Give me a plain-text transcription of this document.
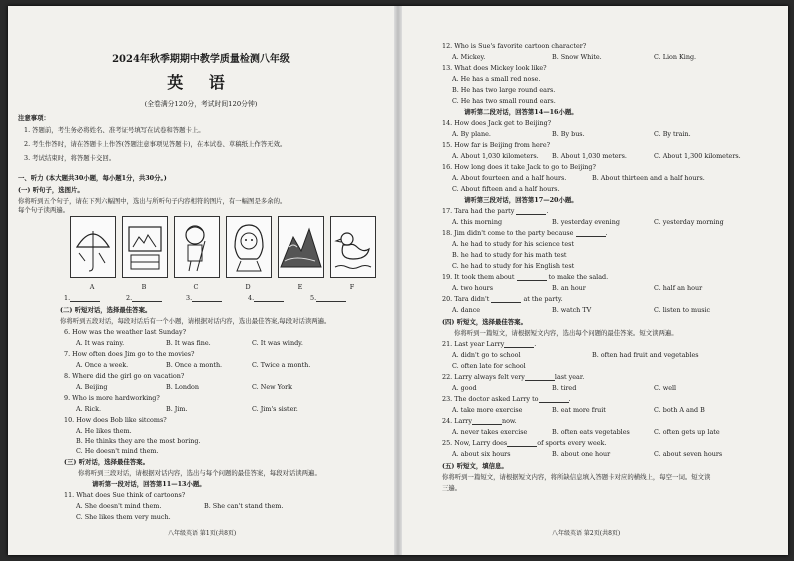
2024年秋季期期中教学质量检测八年级
英 语
(全卷满分120分，考试时间120分钟)
注意事项：
1. 答题前，考生务必将姓名、准考证号填写在试卷和答题卡上。
2. 考生作答时，请在答题卡上作答(答题注意事项见答题卡)，在本试卷、草稿纸上作答无效。
3. 考试结束时，将答题卡交回。
一、听力 (本大题共30小题，每小题1分，共30分。)
(一) 听句子，选图片。
你将听到五个句子，请在下列六幅图中，选出与所听句子内容相符的图片，有一幅图是多余的。
每个句子读两遍。
A	B	C	D	E	F
1.	2.	3.	4.	5.
(二) 听短对话，选择最佳答案。
你将听到五段对话，每段对话后有一个小题，请根据对话内容，选出最佳答案,每段对话读两遍。
6. How was the weather last Sunday?
A. It was rainy.	B. It was fine.	C. It was windy.
7. How often does Jim go to the movies?
A. Once a week.	B. Once a month.	C. Twice a month.
8. Where did the girl go on vacation?
A. Beijing	B. London	C. New York
9. Who is more hardworking?
A. Rick.	B. Jim.	C. Jim's sister.
10. How does Bob like sitcoms?
A. He likes them.
B. He thinks they are the most boring.
C. He doesn't mind them.
(三) 听对话，选择最佳答案。
你将听到三段对话，请根据对话内容，选出与每个问题的最佳答案，每段对话读两遍。
请听第一段对话，回答第11—13小题。
11. What does Sue think of cartoons?
A. She doesn't mind them.	B. She can't stand them.
C. She likes them very much.
八年级英语 第1页(共8页)
12. Who is Sue's favorite cartoon character?
A. Mickey.	B. Snow White.	C. Lion King.
13. What does Mickey look like?
A. He has a small red nose.
B. He has two large round ears.
C. He has two small round ears.
请听第二段对话，回答第14—16小题。
14. How does Jack get to Beijing?
A. By plane.	B. By bus.	C. By train.
15. How far is Beijing from here?
A. About 1,030 kilometers. B. About 1,030 meters.	C. About 1,300 kilometers.
16. How long does it take Jack to go to Beijing?
A. About fourteen and a half hours.	B. About thirteen and a half hours.
C. About fifteen and a half hours.
请听第三段对话，回答第17—20小题。
17. Tara had the party	.
A. this morning	B. yesterday evening	C. yesterday morning
18. Jim didn't come to the party because	.
A. he had to study for his science test
B. he had to study for his math test
C. he had to study for his English test
19. It took them about	to make the salad.
A. two hours	B. an hour	C. half an hour
20. Tara didn't	at the party.
A. dance	B. watch TV	C. listen to music
(四) 听短文，选择最佳答案。
你将听到一篇短文，请根据短文内容，选出每个问题的最佳答案。短文读两遍。
21. Last year Larry	.
A. didn't go to school	B. often had fruit and vegetables
C. often late for school
22. Larry always felt very	last year.
A. good	B. tired	C. well
23. The doctor asked Larry to	.
A. take more exercise	B. eat more fruit	C. both A and B
24. Larry	now.
A. never takes exercise	B. often eats vegetables	C. often gets up late
25. Now, Larry does	of sports every week.
A. about six hours	B. about one hour	C. about seven hours
(五) 听短文，填信息。
你将听到一篇短文，请根据短文内容，将所缺信息填入答题卡对应的横线上，每空一词。短文读
三遍。
八年级英语 第2页(共8页)
